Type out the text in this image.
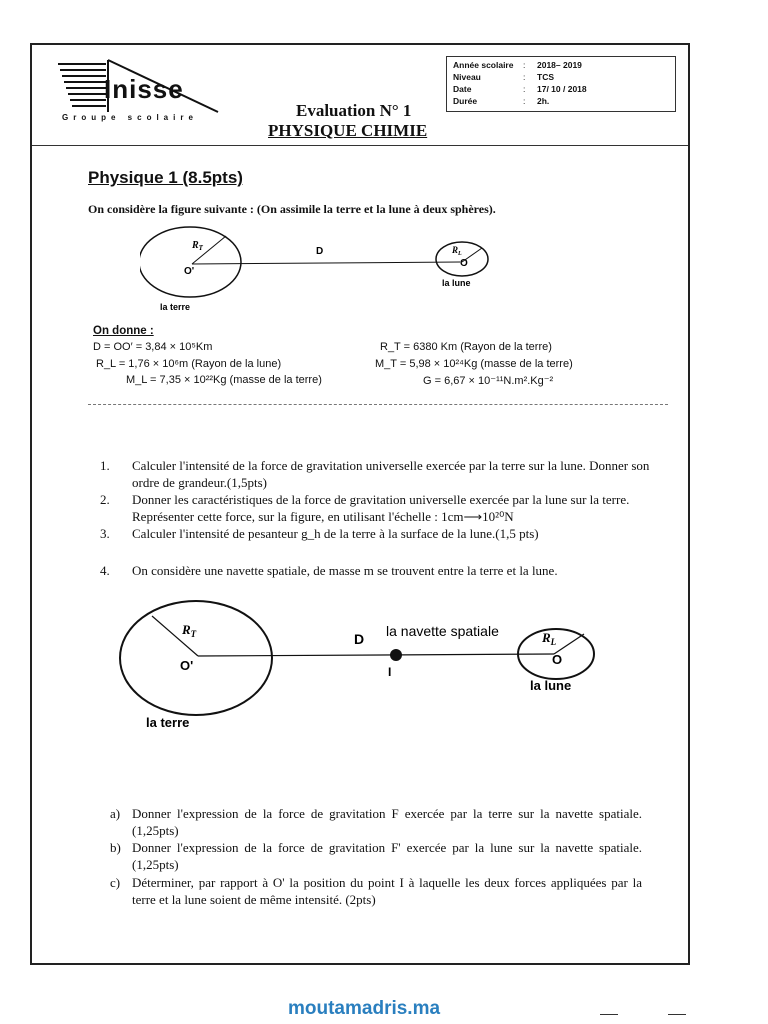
Inisse
Groupe scolaire
Année scolaire	:	2018– 2019
Niveau	:	TCS
Date	:	17/ 10 / 2018
Durée	:	2h.
Evaluation N° 1
PHYSIQUE CHIMIE
Physique 1 (8.5pts)
On considère la figure suivante : (On assimile la terre et la lune à deux sphères).
$R_T$
O'
D	$R_L$
O
la terre
la lune
On donne :
D = OO′ = 3,84 × 10⁵Km	R_T = 6380 Km (Rayon de la terre)
R_L = 1,76 × 10⁶m (Rayon de la lune)	M_T = 5,98 × 10²⁴Kg (masse de la terre)
M_L = 7,35 × 10²²Kg (masse de la terre)	G = 6,67 × 10⁻¹¹N.m².Kg⁻²
1. Calculer l'intensité de la force de gravitation universelle exercée par la terre sur la lune. Donner son ordre de grandeur.(1,5pts)
2. Donner les caractéristiques de la force de gravitation universelle exercée par la lune sur la terre. Représenter cette force, sur la figure, en utilisant l'échelle : 1cm⟶10²⁰N
3. Calculer l'intensité de pesanteur g_h de la terre à la surface de la lune.(1,5 pts)
4. On considère une navette spatiale, de masse m se trouvent entre la terre et la lune.
$R_T$
O'
D la navette spatiale
I
$R_L$
O
la terre
la lune
a) Donner l'expression de la force de gravitation F exercée par la terre sur la navette spatiale. (1,25pts)
b) Donner l'expression de la force de gravitation F' exercée par la lune sur la navette spatiale. (1,25pts)
c) Déterminer, par rapport à O' la position du point I à laquelle les deux forces appliquées par la terre et la lune soient de même intensité. (2pts)
moutamadris.ma
